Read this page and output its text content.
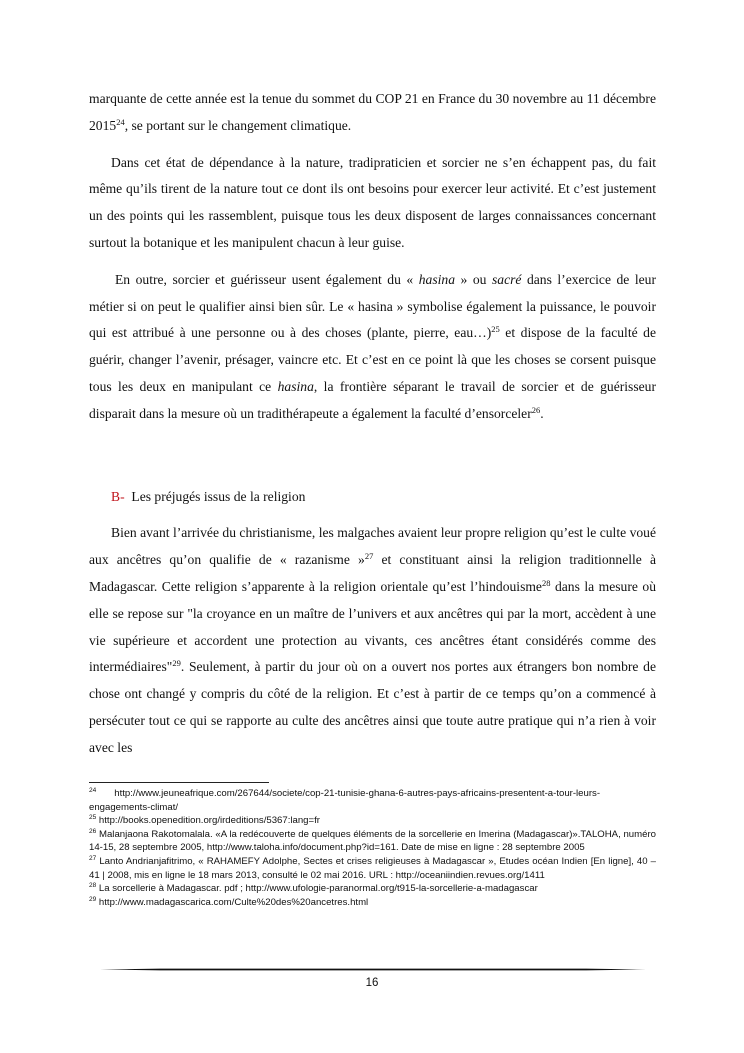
marquante de cette année est la tenue du sommet du COP 21 en France du 30 novembre au 11 décembre 2015$^{24}$, se portant sur le changement climatique.

Dans cet état de dépendance à la nature, tradipraticien et sorcier ne s’en échappent pas, du fait même qu’ils tirent de la nature tout ce dont ils ont besoins pour exercer leur activité. Et c’est justement un des points qui les rassemblent, puisque tous les deux disposent de larges connaissances concernant surtout la botanique et les manipulent chacun à leur guise.

En outre, sorcier et guérisseur usent également du « hasina » ou sacré dans l’exercice de leur métier si on peut le qualifier ainsi bien sûr. Le « hasina » symbolise également la puissance, le pouvoir qui est attribué à une personne ou à des choses (plante, pierre, eau…)$^{25}$ et dispose de la faculté de guérir, changer l’avenir, présager, vaincre etc. Et c’est en ce point là que les choses se corsent puisque tous les deux en manipulant ce hasina, la frontière séparant le travail de sorcier et de guérisseur disparait dans la mesure où un tradithérapeute a également la faculté d’ensorceler$^{26}$.

B- Les préjugés issus de la religion

Bien avant l’arrivée du christianisme, les malgaches avaient leur propre religion qu’est le culte voué aux ancêtres qu’on qualifie de « razanisme »$^{27}$ et constituant ainsi la religion traditionnelle à Madagascar. Cette religion s’apparente à la religion orientale qu’est l’hindouisme$^{28}$ dans la mesure où elle se repose sur "la croyance en un maître de l’univers et aux ancêtres qui par la mort, accèdent à une vie supérieure et accordent une protection au vivants, ces ancêtres étant considérés comme des intermédiaires"$^{29}$. Seulement, à partir du jour où on a ouvert nos portes aux étrangers bon nombre de chose ont changé y compris du côté de la religion. Et c’est à partir de ce temps qu’on a commencé à persécuter tout ce qui se rapporte au culte des ancêtres ainsi que toute autre pratique qui n’a rien à voir avec les

$^{24}$ http://www.jeuneafrique.com/267644/societe/cop-21-tunisie-ghana-6-autres-pays-africains-presentent-a-tour-leurs-engagements-climat/

$^{25}$ http://books.openedition.org/irdeditions/5367:lang=fr

$^{26}$ Malanjaona Rakotomalala. «A la redécouverte de quelques éléments de la sorcellerie en Imerina (Madagascar)».TALOHA, numéro 14-15, 28 septembre 2005, http://www.taloha.info/document.php?id=161. Date de mise en ligne : 28 septembre 2005

$^{27}$ Lanto Andrianjafitrimo, « RAHAMEFY Adolphe, Sectes et crises religieuses à Madagascar », Etudes océan Indien [En ligne], 40 – 41 | 2008, mis en ligne le 18 mars 2013, consulté le 02 mai 2016. URL : http://oceaniindien.revues.org/1411

$^{28}$ La sorcellerie à Madagascar. pdf ; http://www.ufologie-paranormal.org/t915-la-sorcellerie-a-madagascar

$^{29}$ http://www.madagascarica.com/Culte%20des%20ancetres.html

16
